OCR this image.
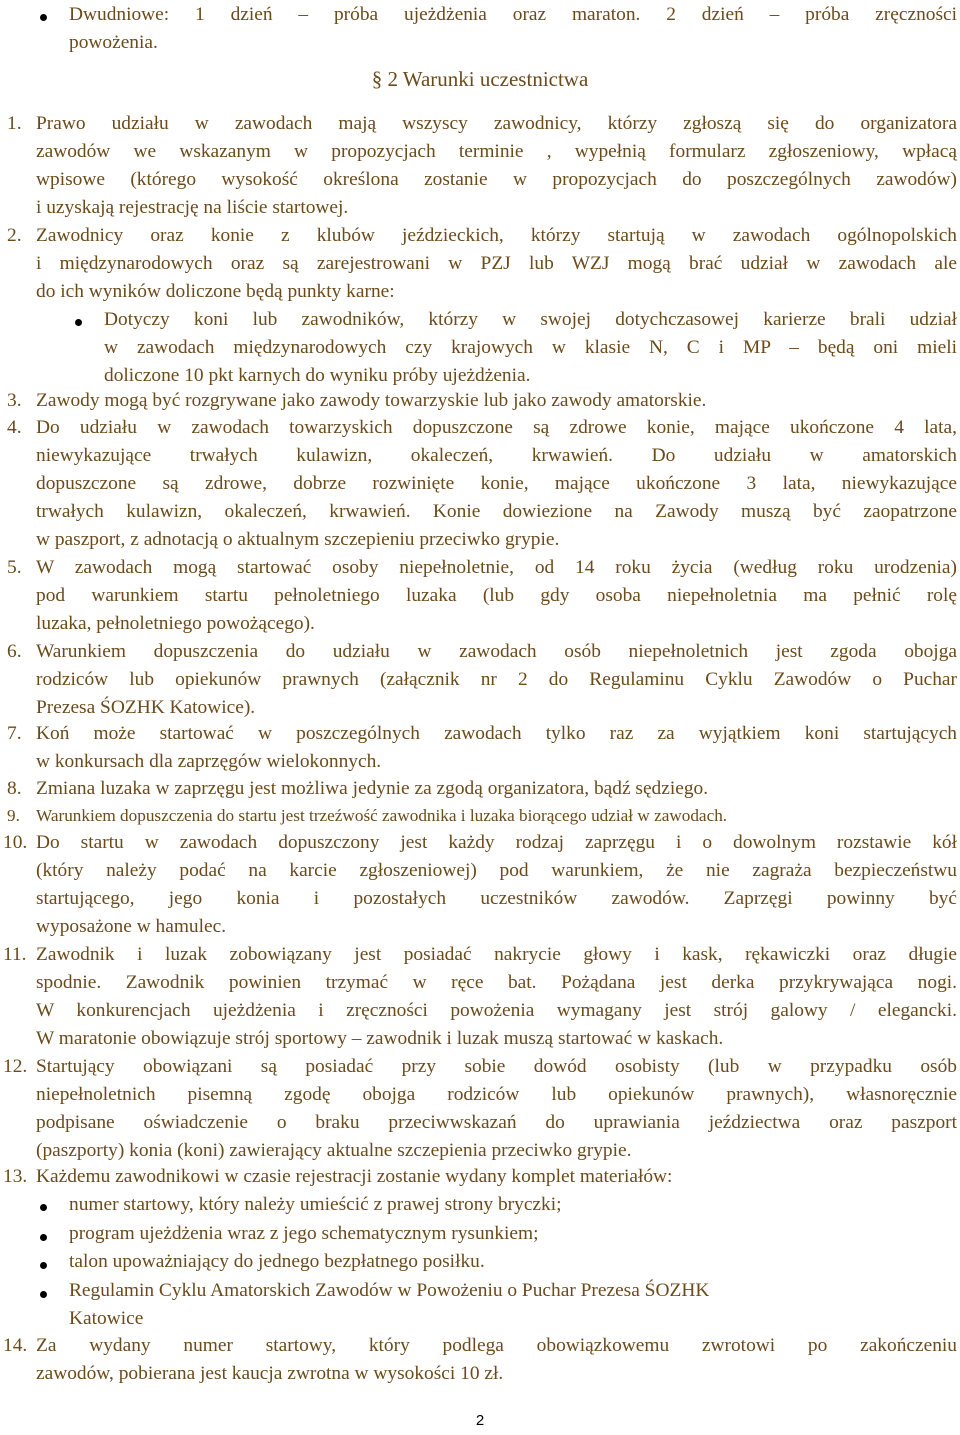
Dwudniowe: 1 dzień – próba ujeżdżenia oraz maraton. 2 dzień – próba zręczności
powożenia.
§ 2 Warunki uczestnictwa
1. Prawo udziału w zawodach mają wszyscy zawodnicy, którzy zgłoszą się do organizatora
zawodów we wskazanym w propozycjach terminie , wypełnią formularz zgłoszeniowy, wpłacą
wpisowe (którego wysokość określona zostanie w propozycjach do poszczególnych zawodów)
i uzyskają rejestrację na liście startowej.
2. Zawodnicy oraz konie z klubów jeździeckich, którzy startują w zawodach ogólnopolskich
i międzynarodowych oraz są zarejestrowani w PZJ lub WZJ mogą brać udział w zawodach ale
do ich wyników doliczone będą punkty karne:
Dotyczy koni lub zawodników, którzy w swojej dotychczasowej karierze brali udział
w zawodach międzynarodowych czy krajowych w klasie N, C i MP – będą oni mieli
doliczone 10 pkt karnych do wyniku próby ujeżdżenia.
3. Zawody mogą być rozgrywane jako zawody towarzyskie lub jako zawody amatorskie.
4. Do udziału w zawodach towarzyskich dopuszczone są zdrowe konie, mające ukończone 4 lata,
niewykazujące trwałych kulawizn, okaleczeń, krwawień. Do udziału w amatorskich
dopuszczone są zdrowe, dobrze rozwinięte konie, mające ukończone 3 lata, niewykazujące
trwałych kulawizn, okaleczeń, krwawień. Konie dowiezione na Zawody muszą być zaopatrzone
w paszport, z adnotacją o aktualnym szczepieniu przeciwko grypie.
5. W zawodach mogą startować osoby niepełnoletnie, od 14 roku życia (według roku urodzenia)
pod warunkiem startu pełnoletniego luzaka (lub gdy osoba niepełnoletnia ma pełnić rolę
luzaka, pełnoletniego powożącego).
6. Warunkiem dopuszczenia do udziału w zawodach osób niepełnoletnich jest zgoda obojga
rodziców lub opiekunów prawnych (załącznik nr 2 do Regulaminu Cyklu Zawodów o Puchar
Prezesa ŚOZHK Katowice).
7. Koń może startować w poszczególnych zawodach tylko raz za wyjątkiem koni startujących
w konkursach dla zaprzęgów wielokonnych.
8. Zmiana luzaka w zaprzęgu jest możliwa jedynie za zgodą organizatora, bądź sędziego.
9. Warunkiem dopuszczenia do startu jest trzeźwość zawodnika i luzaka biorącego udział w zawodach.
10. Do startu w zawodach dopuszczony jest każdy rodzaj zaprzęgu i o dowolnym rozstawie kół
(który należy podać na karcie zgłoszeniowej) pod warunkiem, że nie zagraża bezpieczeństwu
startującego, jego konia i pozostałych uczestników zawodów. Zaprzęgi powinny być
wyposażone w hamulec.
11. Zawodnik i luzak zobowiązany jest posiadać nakrycie głowy i kask, rękawiczki oraz długie
spodnie. Zawodnik powinien trzymać w ręce bat. Pożądana jest derka przykrywająca nogi.
W konkurencjach ujeżdżenia i zręczności powożenia wymagany jest strój galowy / elegancki.
W maratonie obowiązuje strój sportowy – zawodnik i luzak muszą startować w kaskach.
12. Startujący obowiązani są posiadać przy sobie dowód osobisty (lub w przypadku osób
niepełnoletnich pisemną zgodę obojga rodziców lub opiekunów prawnych), własnoręcznie
podpisane oświadczenie o braku przeciwwskazań do uprawiania jeździectwa oraz paszport
(paszporty) konia (koni) zawierający aktualne szczepienia przeciwko grypie.
13. Każdemu zawodnikowi w czasie rejestracji zostanie wydany komplet materiałów:
numer startowy, który należy umieścić z prawej strony bryczki;
program ujeżdżenia wraz z jego schematycznym rysunkiem;
talon upoważniający do jednego bezpłatnego posiłku.
Regulamin Cyklu Amatorskich Zawodów w Powożeniu o Puchar Prezesa ŚOZHK
Katowice
14. Za wydany numer startowy, który podlega obowiązkowemu zwrotowi po zakończeniu
zawodów, pobierana jest kaucja zwrotna w wysokości 10 zł.
2
